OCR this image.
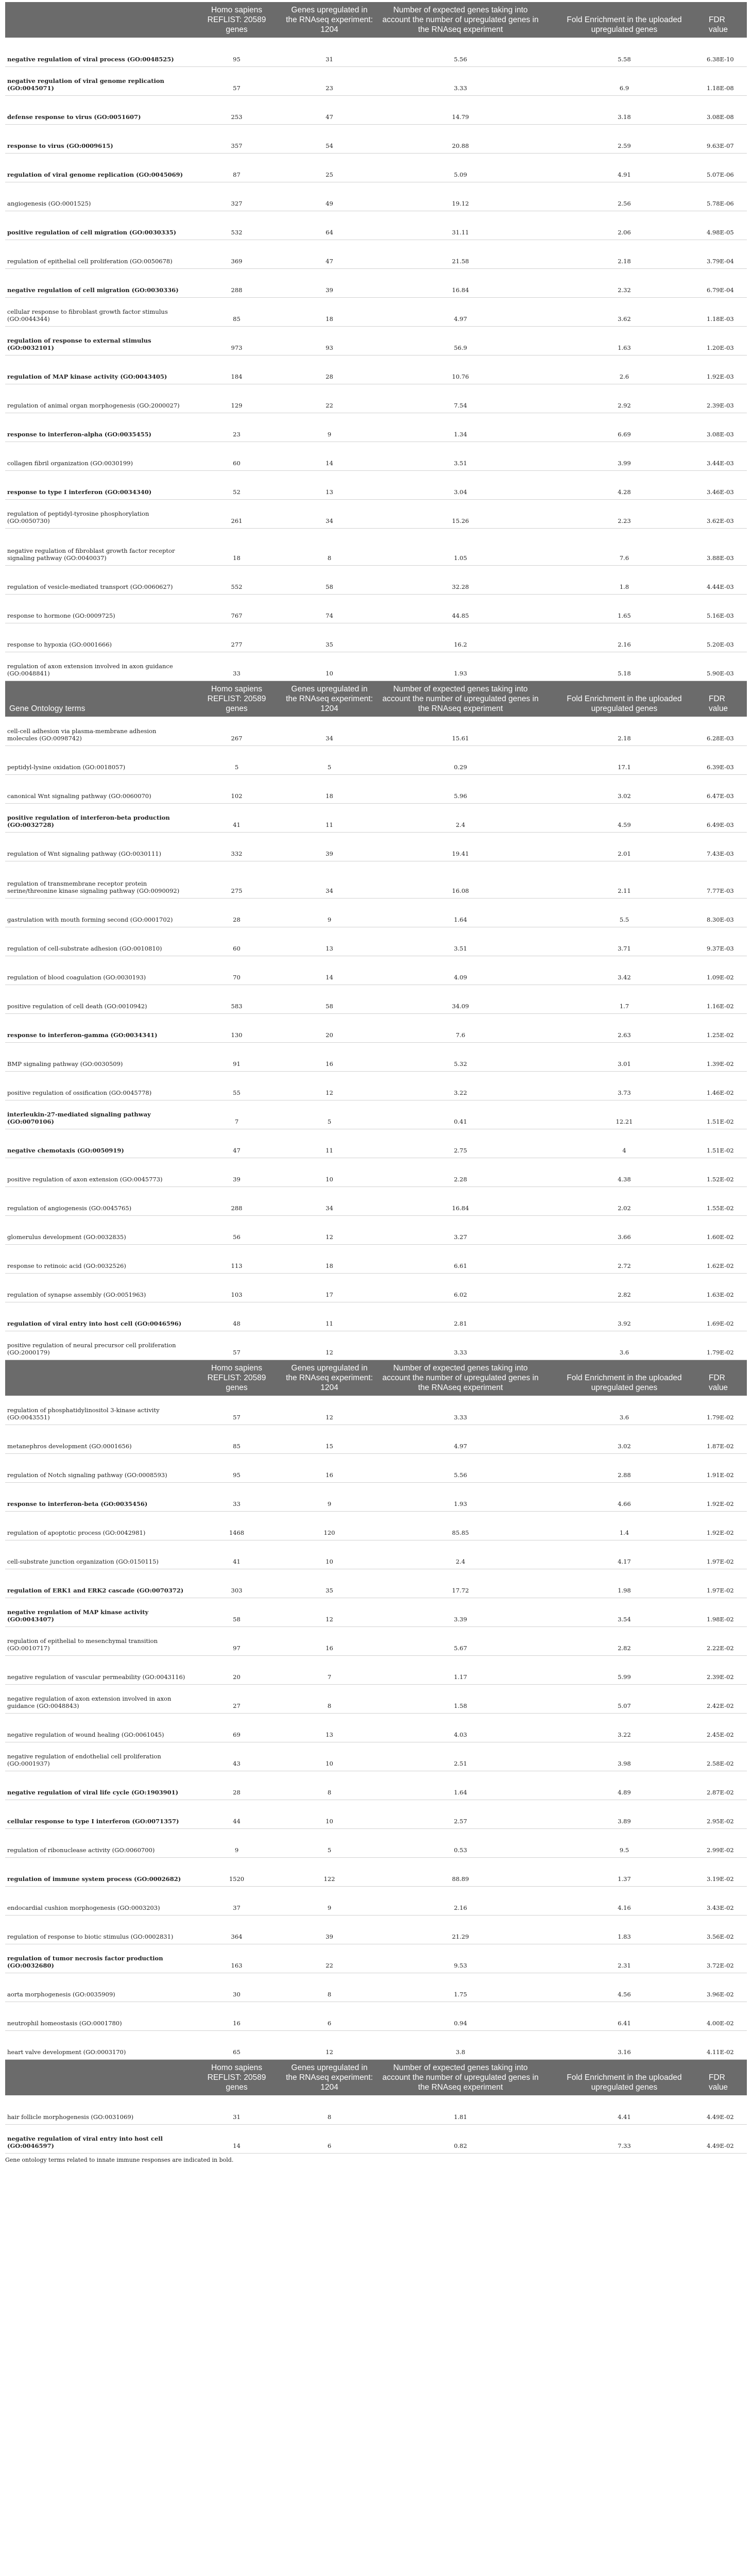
	Homo sapiens REFLIST: 20589 genes	Genes upregulated in the RNAseq experiment: 1204	Number of expected genes taking into account the number of upregulated genes in the RNAseq experiment	Fold Enrichment in the uploaded upregulated genes	FDR value
negative regulation of viral process (GO:0048525)	95	31	5.56	5.58	6.38E-10
negative regulation of viral genome replication (GO:0045071)	57	23	3.33	6.9	1.18E-08
defense response to virus (GO:0051607)	253	47	14.79	3.18	3.08E-08
response to virus (GO:0009615)	357	54	20.88	2.59	9.63E-07
regulation of viral genome replication (GO:0045069)	87	25	5.09	4.91	5.07E-06
angiogenesis (GO:0001525)	327	49	19.12	2.56	5.78E-06
positive regulation of cell migration (GO:0030335)	532	64	31.11	2.06	4.98E-05
regulation of epithelial cell proliferation (GO:0050678)	369	47	21.58	2.18	3.79E-04
negative regulation of cell migration (GO:0030336)	288	39	16.84	2.32	6.79E-04
cellular response to fibroblast growth factor stimulus (GO:0044344)	85	18	4.97	3.62	1.18E-03
regulation of response to external stimulus (GO:0032101)	973	93	56.9	1.63	1.20E-03
regulation of MAP kinase activity (GO:0043405)	184	28	10.76	2.6	1.92E-03
regulation of animal organ morphogenesis (GO:2000027)	129	22	7.54	2.92	2.39E-03
response to interferon-alpha (GO:0035455)	23	9	1.34	6.69	3.08E-03
collagen fibril organization (GO:0030199)	60	14	3.51	3.99	3.44E-03
response to type I interferon (GO:0034340)	52	13	3.04	4.28	3.46E-03
regulation of peptidyl-tyrosine phosphorylation (GO:0050730)	261	34	15.26	2.23	3.62E-03
negative regulation of fibroblast growth factor receptor signaling pathway (GO:0040037)	18	8	1.05	7.6	3.88E-03
regulation of vesicle-mediated transport (GO:0060627)	552	58	32.28	1.8	4.44E-03
response to hormone (GO:0009725)	767	74	44.85	1.65	5.16E-03
response to hypoxia (GO:0001666)	277	35	16.2	2.16	5.20E-03
regulation of axon extension involved in axon guidance (GO:0048841)	33	10	1.93	5.18	5.90E-03
Gene Ontology terms	Homo sapiens REFLIST: 20589 genes	Genes upregulated in the RNAseq experiment: 1204	Number of expected genes taking into account the number of upregulated genes in the RNAseq experiment	Fold Enrichment in the uploaded upregulated genes	FDR value
cell-cell adhesion via plasma-membrane adhesion molecules (GO:0098742)	267	34	15.61	2.18	6.28E-03
peptidyl-lysine oxidation (GO:0018057)	5	5	0.29	17.1	6.39E-03
canonical Wnt signaling pathway (GO:0060070)	102	18	5.96	3.02	6.47E-03
positive regulation of interferon-beta production (GO:0032728)	41	11	2.4	4.59	6.49E-03
regulation of Wnt signaling pathway (GO:0030111)	332	39	19.41	2.01	7.43E-03
regulation of transmembrane receptor protein serine/threonine kinase signaling pathway (GO:0090092)	275	34	16.08	2.11	7.77E-03
gastrulation with mouth forming second (GO:0001702)	28	9	1.64	5.5	8.30E-03
regulation of cell-substrate adhesion (GO:0010810)	60	13	3.51	3.71	9.37E-03
regulation of blood coagulation (GO:0030193)	70	14	4.09	3.42	1.09E-02
positive regulation of cell death (GO:0010942)	583	58	34.09	1.7	1.16E-02
response to interferon-gamma (GO:0034341)	130	20	7.6	2.63	1.25E-02
BMP signaling pathway (GO:0030509)	91	16	5.32	3.01	1.39E-02
positive regulation of ossification (GO:0045778)	55	12	3.22	3.73	1.46E-02
interleukin-27-mediated signaling pathway (GO:0070106)	7	5	0.41	12.21	1.51E-02
negative chemotaxis (GO:0050919)	47	11	2.75	4	1.51E-02
positive regulation of axon extension (GO:0045773)	39	10	2.28	4.38	1.52E-02
regulation of angiogenesis (GO:0045765)	288	34	16.84	2.02	1.55E-02
glomerulus development (GO:0032835)	56	12	3.27	3.66	1.60E-02
response to retinoic acid (GO:0032526)	113	18	6.61	2.72	1.62E-02
regulation of synapse assembly (GO:0051963)	103	17	6.02	2.82	1.63E-02
regulation of viral entry into host cell (GO:0046596)	48	11	2.81	3.92	1.69E-02
positive regulation of neural precursor cell proliferation (GO:2000179)	57	12	3.33	3.6	1.79E-02
	Homo sapiens REFLIST: 20589 genes	Genes upregulated in the RNAseq experiment: 1204	Number of expected genes taking into account the number of upregulated genes in the RNAseq experiment	Fold Enrichment in the uploaded upregulated genes	FDR value
regulation of phosphatidylinositol 3-kinase activity (GO:0043551)	57	12	3.33	3.6	1.79E-02
metanephros development (GO:0001656)	85	15	4.97	3.02	1.87E-02
regulation of Notch signaling pathway (GO:0008593)	95	16	5.56	2.88	1.91E-02
response to interferon-beta (GO:0035456)	33	9	1.93	4.66	1.92E-02
regulation of apoptotic process (GO:0042981)	1468	120	85.85	1.4	1.92E-02
cell-substrate junction organization (GO:0150115)	41	10	2.4	4.17	1.97E-02
regulation of ERK1 and ERK2 cascade (GO:0070372)	303	35	17.72	1.98	1.97E-02
negative regulation of MAP kinase activity (GO:0043407)	58	12	3.39	3.54	1.98E-02
regulation of epithelial to mesenchymal transition (GO:0010717)	97	16	5.67	2.82	2.22E-02
negative regulation of vascular permeability (GO:0043116)	20	7	1.17	5.99	2.39E-02
negative regulation of axon extension involved in axon guidance (GO:0048843)	27	8	1.58	5.07	2.42E-02
negative regulation of wound healing (GO:0061045)	69	13	4.03	3.22	2.45E-02
negative regulation of endothelial cell proliferation (GO:0001937)	43	10	2.51	3.98	2.58E-02
negative regulation of viral life cycle (GO:1903901)	28	8	1.64	4.89	2.87E-02
cellular response to type I interferon (GO:0071357)	44	10	2.57	3.89	2.95E-02
regulation of ribonuclease activity (GO:0060700)	9	5	0.53	9.5	2.99E-02
regulation of immune system process (GO:0002682)	1520	122	88.89	1.37	3.19E-02
endocardial cushion morphogenesis (GO:0003203)	37	9	2.16	4.16	3.43E-02
regulation of response to biotic stimulus (GO:0002831)	364	39	21.29	1.83	3.56E-02
regulation of tumor necrosis factor production (GO:0032680)	163	22	9.53	2.31	3.72E-02
aorta morphogenesis (GO:0035909)	30	8	1.75	4.56	3.96E-02
neutrophil homeostasis (GO:0001780)	16	6	0.94	6.41	4.00E-02
heart valve development (GO:0003170)	65	12	3.8	3.16	4.11E-02
	Homo sapiens REFLIST: 20589 genes	Genes upregulated in the RNAseq experiment: 1204	Number of expected genes taking into account the number of upregulated genes in the RNAseq experiment	Fold Enrichment in the uploaded upregulated genes	FDR value
hair follicle morphogenesis (GO:0031069)	31	8	1.81	4.41	4.49E-02
negative regulation of viral entry into host cell (GO:0046597)	14	6	0.82	7.33	4.49E-02
Gene ontology terms related to innate immune responses are indicated in bold.
